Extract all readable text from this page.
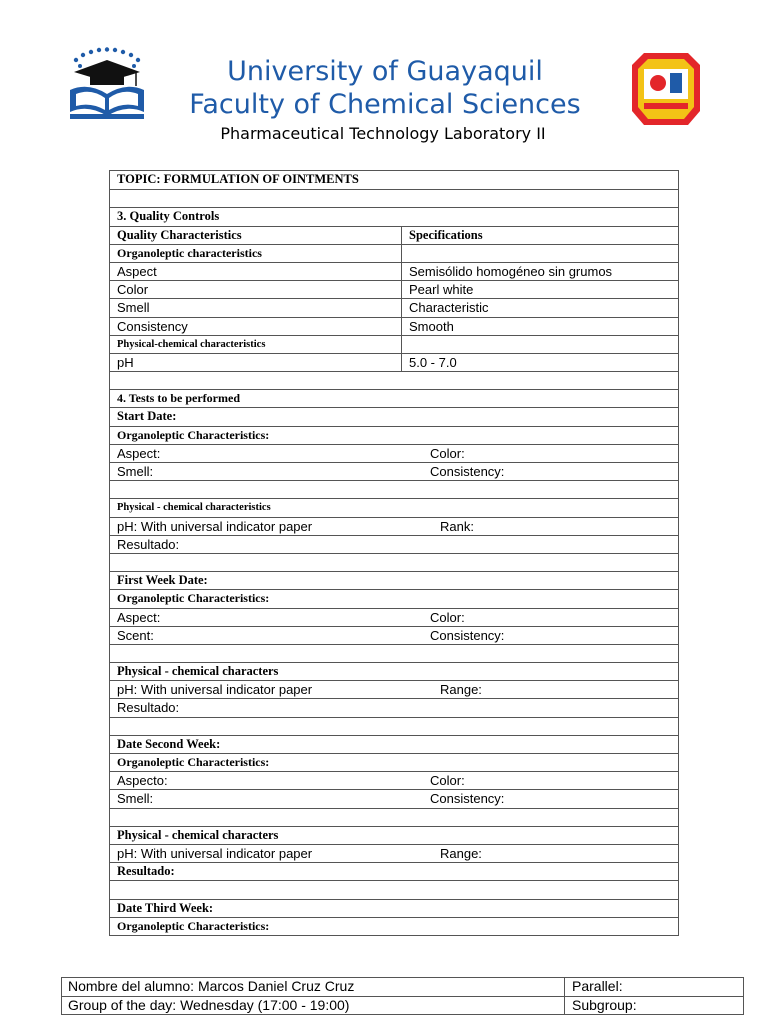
University of Guayaquil
Faculty of Chemical Sciences
Pharmaceutical Technology Laboratory II
TOPIC: FORMULATION OF OINTMENTS
3. Quality Controls
Quality Characteristics	Specifications
Organoleptic characteristics
Aspect	Semisólido homogéneo sin grumos
Color	Pearl white
Smell	Characteristic
Consistency	Smooth
Physical-chemical characteristics
pH	5.0 - 7.0
4. Tests to be performed
Start Date:
Organoleptic Characteristics:
Aspect:	Color:
Smell:	Consistency:
Physical - chemical characteristics
pH: With universal indicator paper	Rank:
Resultado:
First Week Date:
Organoleptic Characteristics:
Aspect:	Color:
Scent:	Consistency:
Physical - chemical characters
pH: With universal indicator paper	Range:
Resultado:
Date Second Week:
Organoleptic Characteristics:
Aspecto:	Color:
Smell:	Consistency:
Physical - chemical characters
pH: With universal indicator paper	Range:
Resultado:
Date Third Week:
Organoleptic Characteristics:
Nombre del alumno: Marcos Daniel Cruz Cruz	Parallel:
Group of the day: Wednesday (17:00 - 19:00)	Subgroup:
